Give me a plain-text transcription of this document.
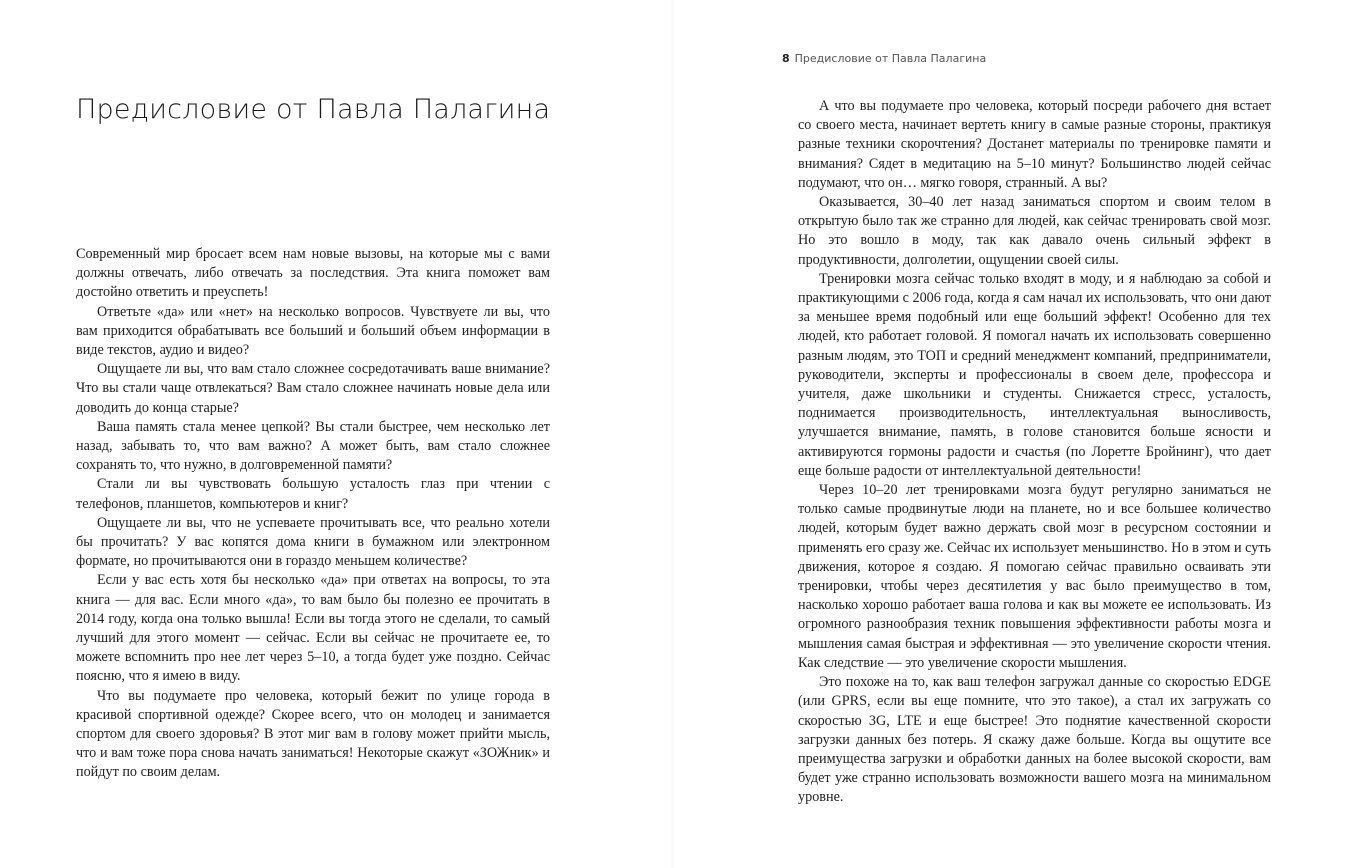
Предисловие от Павла Палагина

Современный мир бросает всем нам новые вызовы, на которые мы с вами должны отвечать, либо отвечать за последствия. Эта книга поможет вам достойно ответить и преуспеть!

Ответьте «да» или «нет» на несколько вопросов. Чувствуете ли вы, что вам приходится обрабатывать все больший и больший объем информации в виде текстов, аудио и видео?

Ощущаете ли вы, что вам стало сложнее сосредотачивать ваше внимание? Что вы стали чаще отвлекаться? Вам стало сложнее начинать новые дела или доводить до конца старые?

Ваша память стала менее цепкой? Вы стали быстрее, чем несколько лет назад, забывать то, что вам важно? А может быть, вам стало сложнее сохранять то, что нужно, в долговременной памяти?

Стали ли вы чувствовать большую усталость глаз при чтении с телефонов, планшетов, компьютеров и книг?

Ощущаете ли вы, что не успеваете прочитывать все, что реально хотели бы прочитать? У вас копятся дома книги в бумажном или электронном формате, но прочитываются они в гораздо меньшем количестве?

Если у вас есть хотя бы несколько «да» при ответах на вопросы, то эта книга — для вас. Если много «да», то вам было бы полезно ее прочитать в 2014 году, когда она только вышла! Если вы тогда этого не сделали, то самый лучший для этого момент — сейчас. Если вы сейчас не прочитаете ее, то можете вспомнить про нее лет через 5–10, а тогда будет уже поздно. Сейчас поясню, что я имею в виду.

Что вы подумаете про человека, который бежит по улице города в красивой спортивной одежде? Скорее всего, что он молодец и занимается спортом для своего здоровья? В этот миг вам в голову может прийти мысль, что и вам тоже пора снова начать заниматься! Некоторые скажут «ЗОЖник» и пойдут по своим делам.

8 Предисловие от Павла Палагина

А что вы подумаете про человека, который посреди рабочего дня встает со своего места, начинает вертеть книгу в самые разные стороны, практикуя разные техники скорочтения? Достанет материалы по тренировке памяти и внимания? Сядет в медитацию на 5–10 минут? Большинство людей сейчас подумают, что он… мягко говоря, странный. А вы?

Оказывается, 30–40 лет назад заниматься спортом и своим телом в открытую было так же странно для людей, как сейчас тренировать свой мозг. Но это вошло в моду, так как давало очень сильный эффект в продуктивности, долголетии, ощущении своей силы.

Тренировки мозга сейчас только входят в моду, и я наблюдаю за собой и практикующими с 2006 года, когда я сам начал их использовать, что они дают за меньшее время подобный или еще больший эффект! Особенно для тех людей, кто работает головой. Я помогал начать их использовать совершенно разным людям, это ТОП и средний менеджмент компаний, предприниматели, руководители, эксперты и профессионалы в своем деле, профессора и учителя, даже школьники и студенты. Снижается стресс, усталость, поднимается производительность, интеллектуальная выносливость, улучшается внимание, память, в голове становится больше ясности и активируются гормоны радости и счастья (по Лоретте Бройнинг), что дает еще больше радости от интеллектуальной деятельности!

Через 10–20 лет тренировками мозга будут регулярно заниматься не только самые продвинутые люди на планете, но и все большее количество людей, которым будет важно держать свой мозг в ресурсном состоянии и применять его сразу же. Сейчас их использует меньшинство. Но в этом и суть движения, которое я создаю. Я помогаю сейчас правильно осваивать эти тренировки, чтобы через десятилетия у вас было преимущество в том, насколько хорошо работает ваша голова и как вы можете ее использовать. Из огромного разнообразия техник повышения эффективности работы мозга и мышления самая быстрая и эффективная — это увеличение скорости чтения. Как следствие — это увеличение скорости мышления.

Это похоже на то, как ваш телефон загружал данные со скоростью EDGE (или GPRS, если вы еще помните, что это такое), а стал их загружать со скоростью 3G, LTE и еще быстрее! Это поднятие качественной скорости загрузки данных без потерь. Я скажу даже больше. Когда вы ощутите все преимущества загрузки и обработки данных на более высокой скорости, вам будет уже странно использовать возможности вашего мозга на минимальном уровне.
